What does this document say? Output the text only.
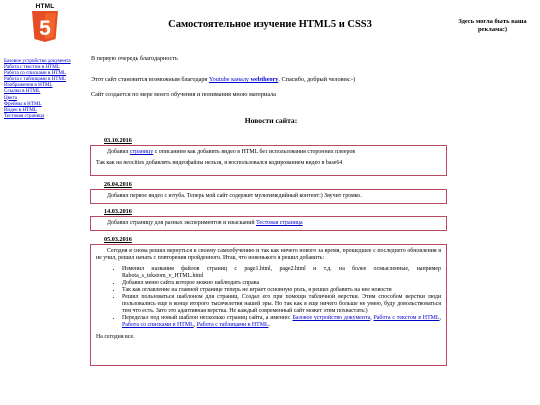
HTML
5	Самостоятельное изучение HTML5 и CSS3	Здесь могла быть ваша реклама:)
Базовое устройство документа
Работа с текстом в HTML
Работа со списками в HTML
Работа с таблицами в HTML
Изображения в HTML
Ссылки в HTML
Цвета
Фреймы в HTML
Видео в HTML
Тестовая страница

В первую очередь благодарность

Этот сайт становится возможным благодаря Youtube каналу webtheory. Спасибо, добрый человек:-)

Сайт создается по мере моего обучения и понимания мною материала

Новости сайта:
03.10.2016

Добавил страницу с описанием как добавить видео в HTML без использования сторонних плееров

Так как на neocities добавлять видеофайлы нельзя, я воспользовался кодированием видео в base64

26.04.2016

Добавил первое видео с ютуба. Теперь мой сайт содержит мультимедийный контент:) Звучит громко.

14.03.2016

Добавил страницу для разных экспериментов и изысканий Тестовая страница

05.03.2016

Сегодня я снова решил вернуться к своему самообучению и так как ничего нового за время, прошедшее с последнего обновления я не учил, решил начать с повторения пройденного. Итак, что новенького я решил добавить:

• Изменил названия файлов страниц с page1.html, page2.html и т.д. на более осмысленные, например Rabota_s_tekstom_v_HTML.html
• Добавил меню сайта которое можно наблюдать справа
• Так как оглавление на главной странице теперь не играет основную роль, я решил добавить на нее новости
• Решил пользоваться шаблоном для страниц. Создал его при помощи табличной верстки. Этим способом верстки люди пользовались еще в конце второго тысячелетия нашей эры. Но так как я еще ничего больше не умею, буду довольствоваться тем что есть. Зато это адаптивная верстка. Не каждый современный сайт может этим похвастать:)
• Переделал под новый шаблон несколько страниц сайта, а именно: Базовое устройство документа, Работа с текстом в HTML, Работа со списками в HTML, Работа с таблицами в HTML.

На сегодня все.
